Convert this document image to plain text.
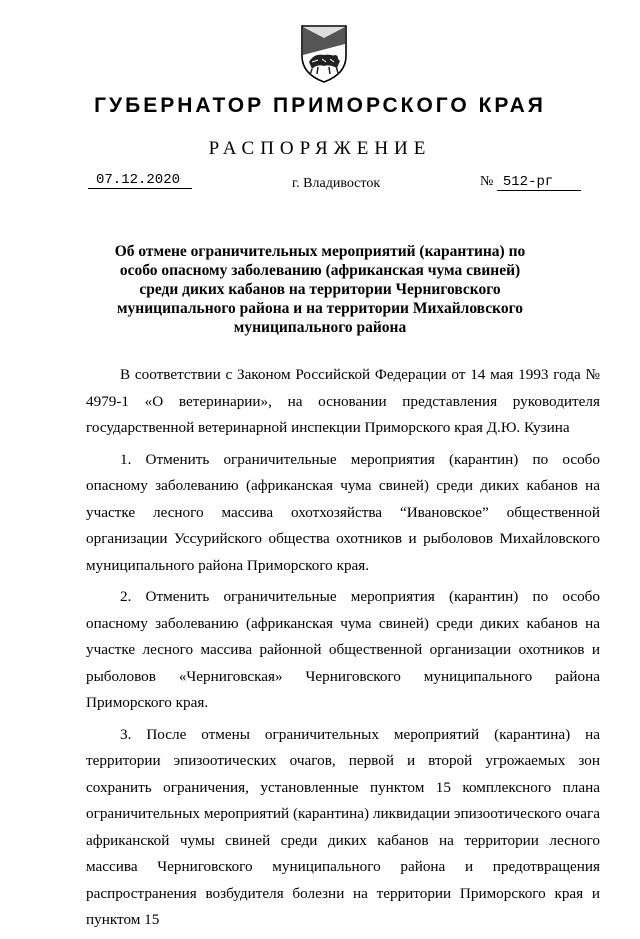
ГУБЕРНАТОР ПРИМОРСКОГО КРАЯ
РАСПОРЯЖЕНИЕ
07.12.2020	г. Владивосток	№ 512-рг
Об отмене ограничительных мероприятий (карантина) по особо опасному заболеванию (африканская чума свиней) среди диких кабанов на территории Черниговского муниципального района и на территории Михайловского муниципального района

В соответствии с Законом Российской Федерации от 14 мая 1993 года № 4979-1 «О ветеринарии», на основании представления руководителя государственной ветеринарной инспекции Приморского края Д.Ю. Кузина

1. Отменить ограничительные мероприятия (карантин) по особо опасному заболеванию (африканская чума свиней) среди диких кабанов на участке лесного массива охотхозяйства “Ивановское” общественной организации Уссурийского общества охотников и рыболовов Михайловского муниципального района Приморского края.

2. Отменить ограничительные мероприятия (карантин) по особо опасному заболеванию (африканская чума свиней) среди диких кабанов на участке лесного массива районной общественной организации охотников и рыболовов «Черниговская» Черниговского муниципального района Приморского края.

3. После отмены ограничительных мероприятий (карантина) на территории эпизоотических очагов, первой и второй угрожаемых зон сохранить ограничения, установленные пунктом 15 комплексного плана ограничительных мероприятий (карантина) ликвидации эпизоотического очага африканской чумы свиней среди диких кабанов на территории лесного массива Черниговского муниципального района и предотвращения распространения возбудителя болезни на территории Приморского края и пунктом 15
